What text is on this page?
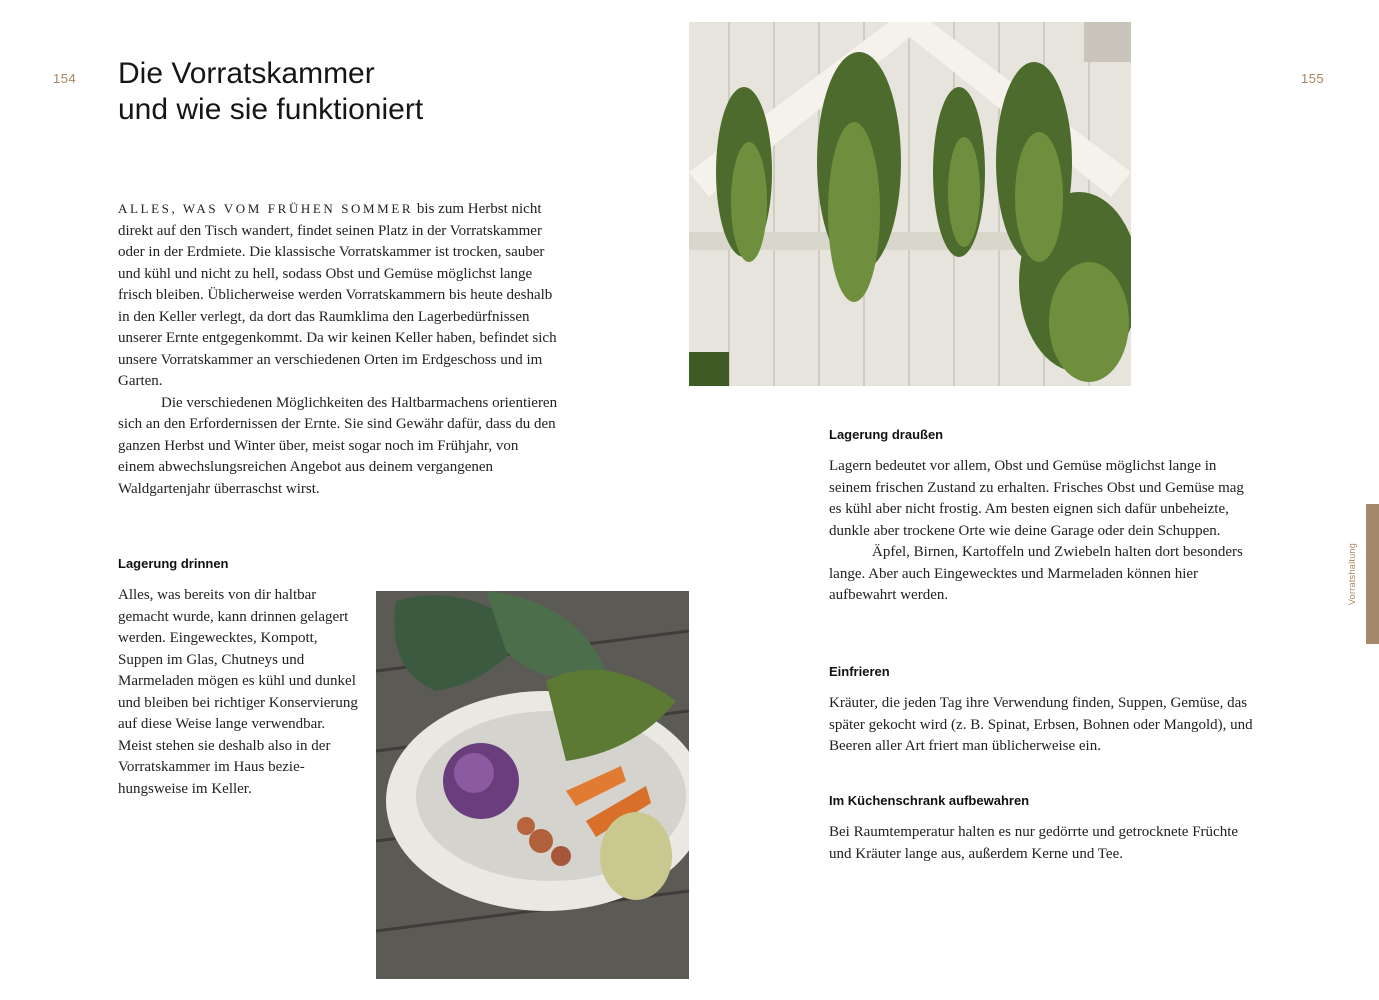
154	155
Die Vorratskammer
und wie sie funktioniert

ALLES, WAS VOM FRÜHEN SOMMER bis zum Herbst nicht direkt auf den Tisch wandert, findet seinen Platz in der Vorratskammer oder in der Erdmiete. Die klassische Vorratskammer ist trocken, sauber und kühl und nicht zu hell, sodass Obst und Gemüse möglichst lange frisch bleiben. Üblicherweise werden Vorratskammern bis heute deshalb in den Keller verlegt, da dort das Raumklima den Lagerbedürfnissen unserer Ernte entgegenkommt. Da wir keinen Keller haben, befindet sich unsere Vorratskammer an verschiedenen Orten im Erdgeschoss und im Garten.
Die verschiedenen Möglichkeiten des Haltbarmachens orientieren sich an den Erfordernissen der Ernte. Sie sind Gewähr dafür, dass du den ganzen Herbst und Winter über, meist sogar noch im Frühjahr, von einem abwechslungsreichen Angebot aus deinem vergangenen Waldgartenjahr überraschst wirst.

Lagerung drinnen

Alles, was bereits von dir haltbar gemacht wurde, kann drinnen gelagert werden. Eingewecktes, Kompott, Suppen im Glas, Chutneys und Marmeladen mögen es kühl und dunkel und bleiben bei richtiger Konservierung auf diese Weise lange verwendbar. Meist stehen sie deshalb also in der Vorratskammer im Haus beziehungsweise im Keller.

Lagerung draußen

Lagern bedeutet vor allem, Obst und Gemüse möglichst lange in seinem frischen Zustand zu erhalten. Frisches Obst und Gemüse mag es kühl aber nicht frostig. Am besten eignen sich dafür unbeheizte, dunkle aber trockene Orte wie deine Garage oder dein Schuppen.
Äpfel, Birnen, Kartoffeln und Zwiebeln halten dort besonders lange. Aber auch Eingewecktes und Marmeladen können hier aufbewahrt werden.

Einfrieren

Kräuter, die jeden Tag ihre Verwendung finden, Suppen, Gemüse, das später gekocht wird (z. B. Spinat, Erbsen, Bohnen oder Mangold), und Beeren aller Art friert man üblicherweise ein.

Im Küchenschrank aufbewahren

Bei Raumtemperatur halten es nur gedörrte und getrocknete Früchte und Kräuter lange aus, außerdem Kerne und Tee.

Vorratshaltung
